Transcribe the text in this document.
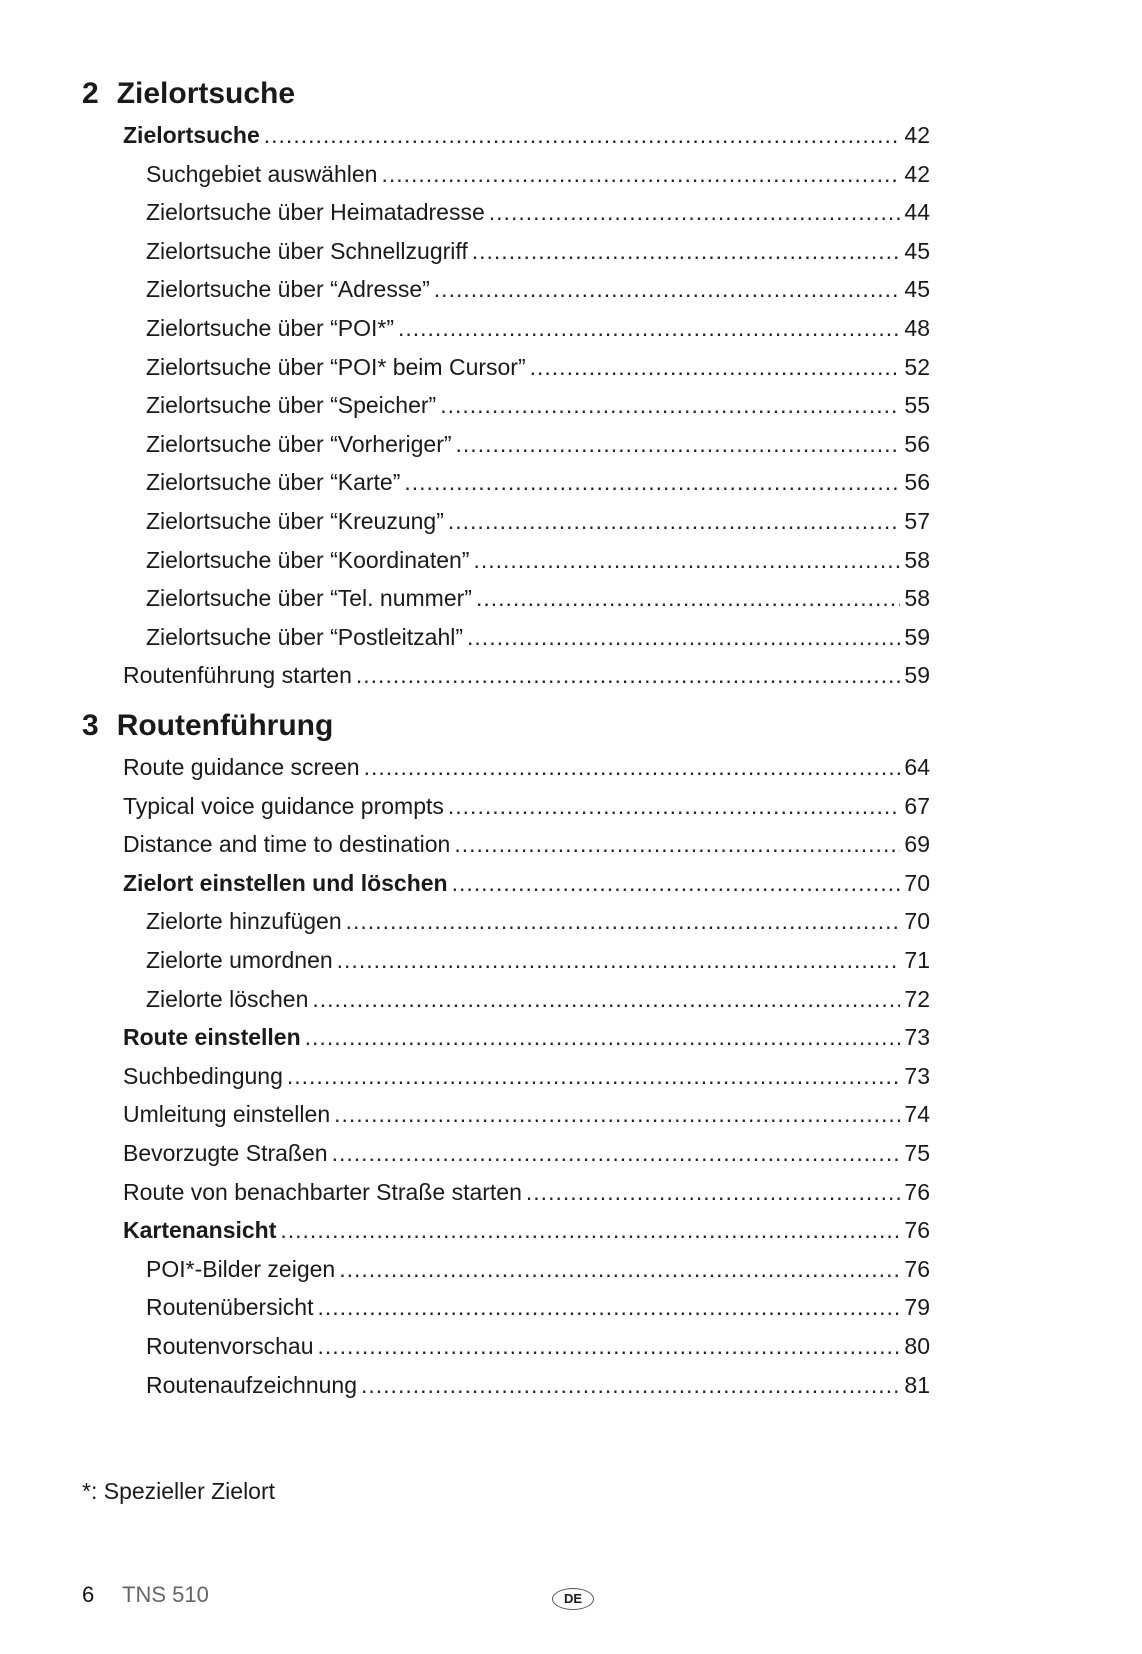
2 Zielortsuche
Zielortsuche .....	42
Suchgebiet auswählen .....	42
Zielortsuche über Heimatadresse .....	44
Zielortsuche über Schnellzugriff .....	45
Zielortsuche über “Adresse” .....	45
Zielortsuche über “POI*” .....	48
Zielortsuche über “POI* beim Cursor” .....	52
Zielortsuche über “Speicher” .....	55
Zielortsuche über “Vorheriger” .....	56
Zielortsuche über “Karte” .....	56
Zielortsuche über “Kreuzung” .....	57
Zielortsuche über “Koordinaten” .....	58
Zielortsuche über “Tel. nummer” .....	58
Zielortsuche über “Postleitzahl” .....	59
Routenführung starten .....	59
3 Routenführung
Route guidance screen .....	64
Typical voice guidance prompts .....	67
Distance and time to destination .....	69
Zielort einstellen und löschen .....	70
Zielorte hinzufügen .....	70
Zielorte umordnen .....	71
Zielorte löschen .....	72
Route einstellen .....	73
Suchbedingung .....	73
Umleitung einstellen .....	74
Bevorzugte Straßen .....	75
Route von benachbarter Straße starten .....	76
Kartenansicht .....	76
POI*-Bilder zeigen .....	76
Routenübersicht .....	79
Routenvorschau .....	80
Routenaufzeichnung .....	81
*: Spezieller Zielort
6 TNS 510	DE
